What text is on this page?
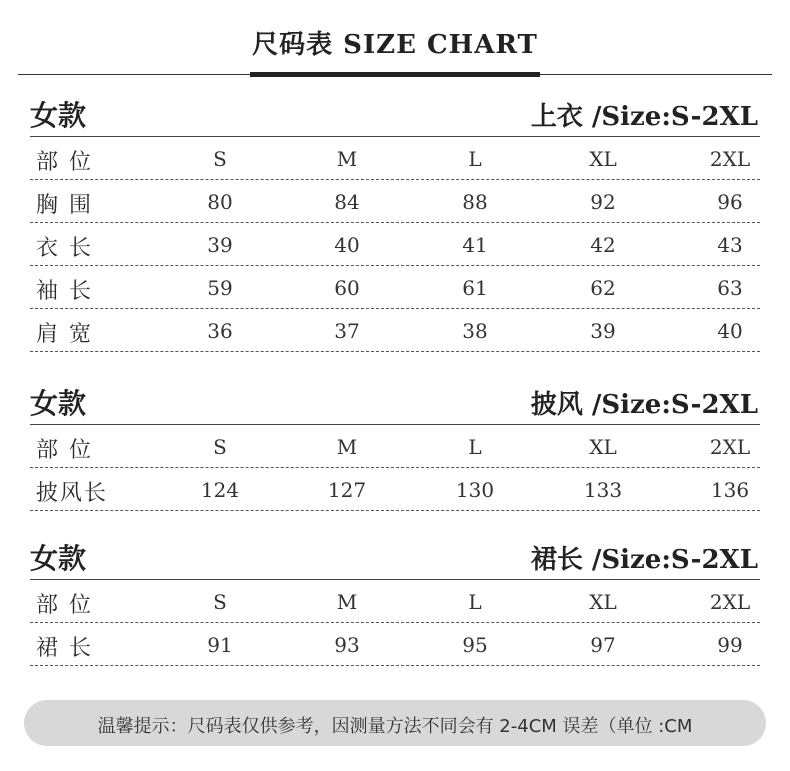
尺码表 SIZE CHART
女款	上衣 /Size:S-2XL
部 位	S	M	L	XL	2XL
胸 围	80	84	88	92	96
衣 长	39	40	41	42	43
袖 长	59	60	61	62	63
肩 宽	36	37	38	39	40
女款	披风 /Size:S-2XL
部 位	S	M	L	XL	2XL
披风长	124	127	130	133	136
女款	裙长 /Size:S-2XL
部 位	S	M	L	XL	2XL
裙 长	91	93	95	97	99
温馨提示：尺码表仅供参考，因测量方法不同会有 2-4CM 误差（单位 :CM
